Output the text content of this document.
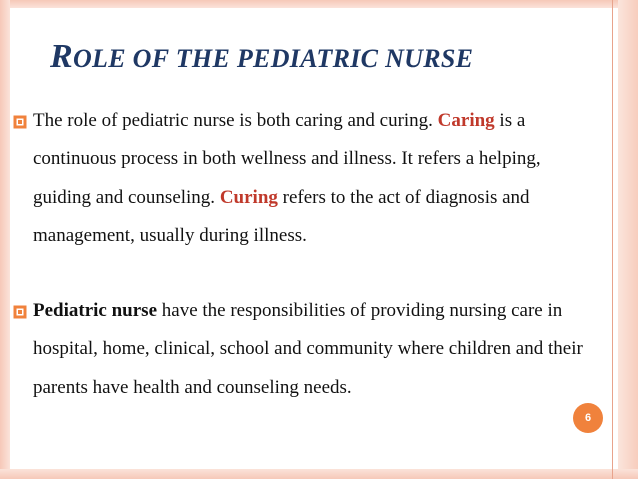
ROLE OF THE PEDIATRIC NURSE
The role of pediatric nurse is both caring and curing. Caring is a continuous process in both wellness and illness. It refers a helping, guiding and counseling. Curing refers to the act of diagnosis and management, usually during illness.
Pediatric nurse have the responsibilities of providing nursing care in hospital, home, clinical, school and community where children and their parents have health and counseling needs.
6
